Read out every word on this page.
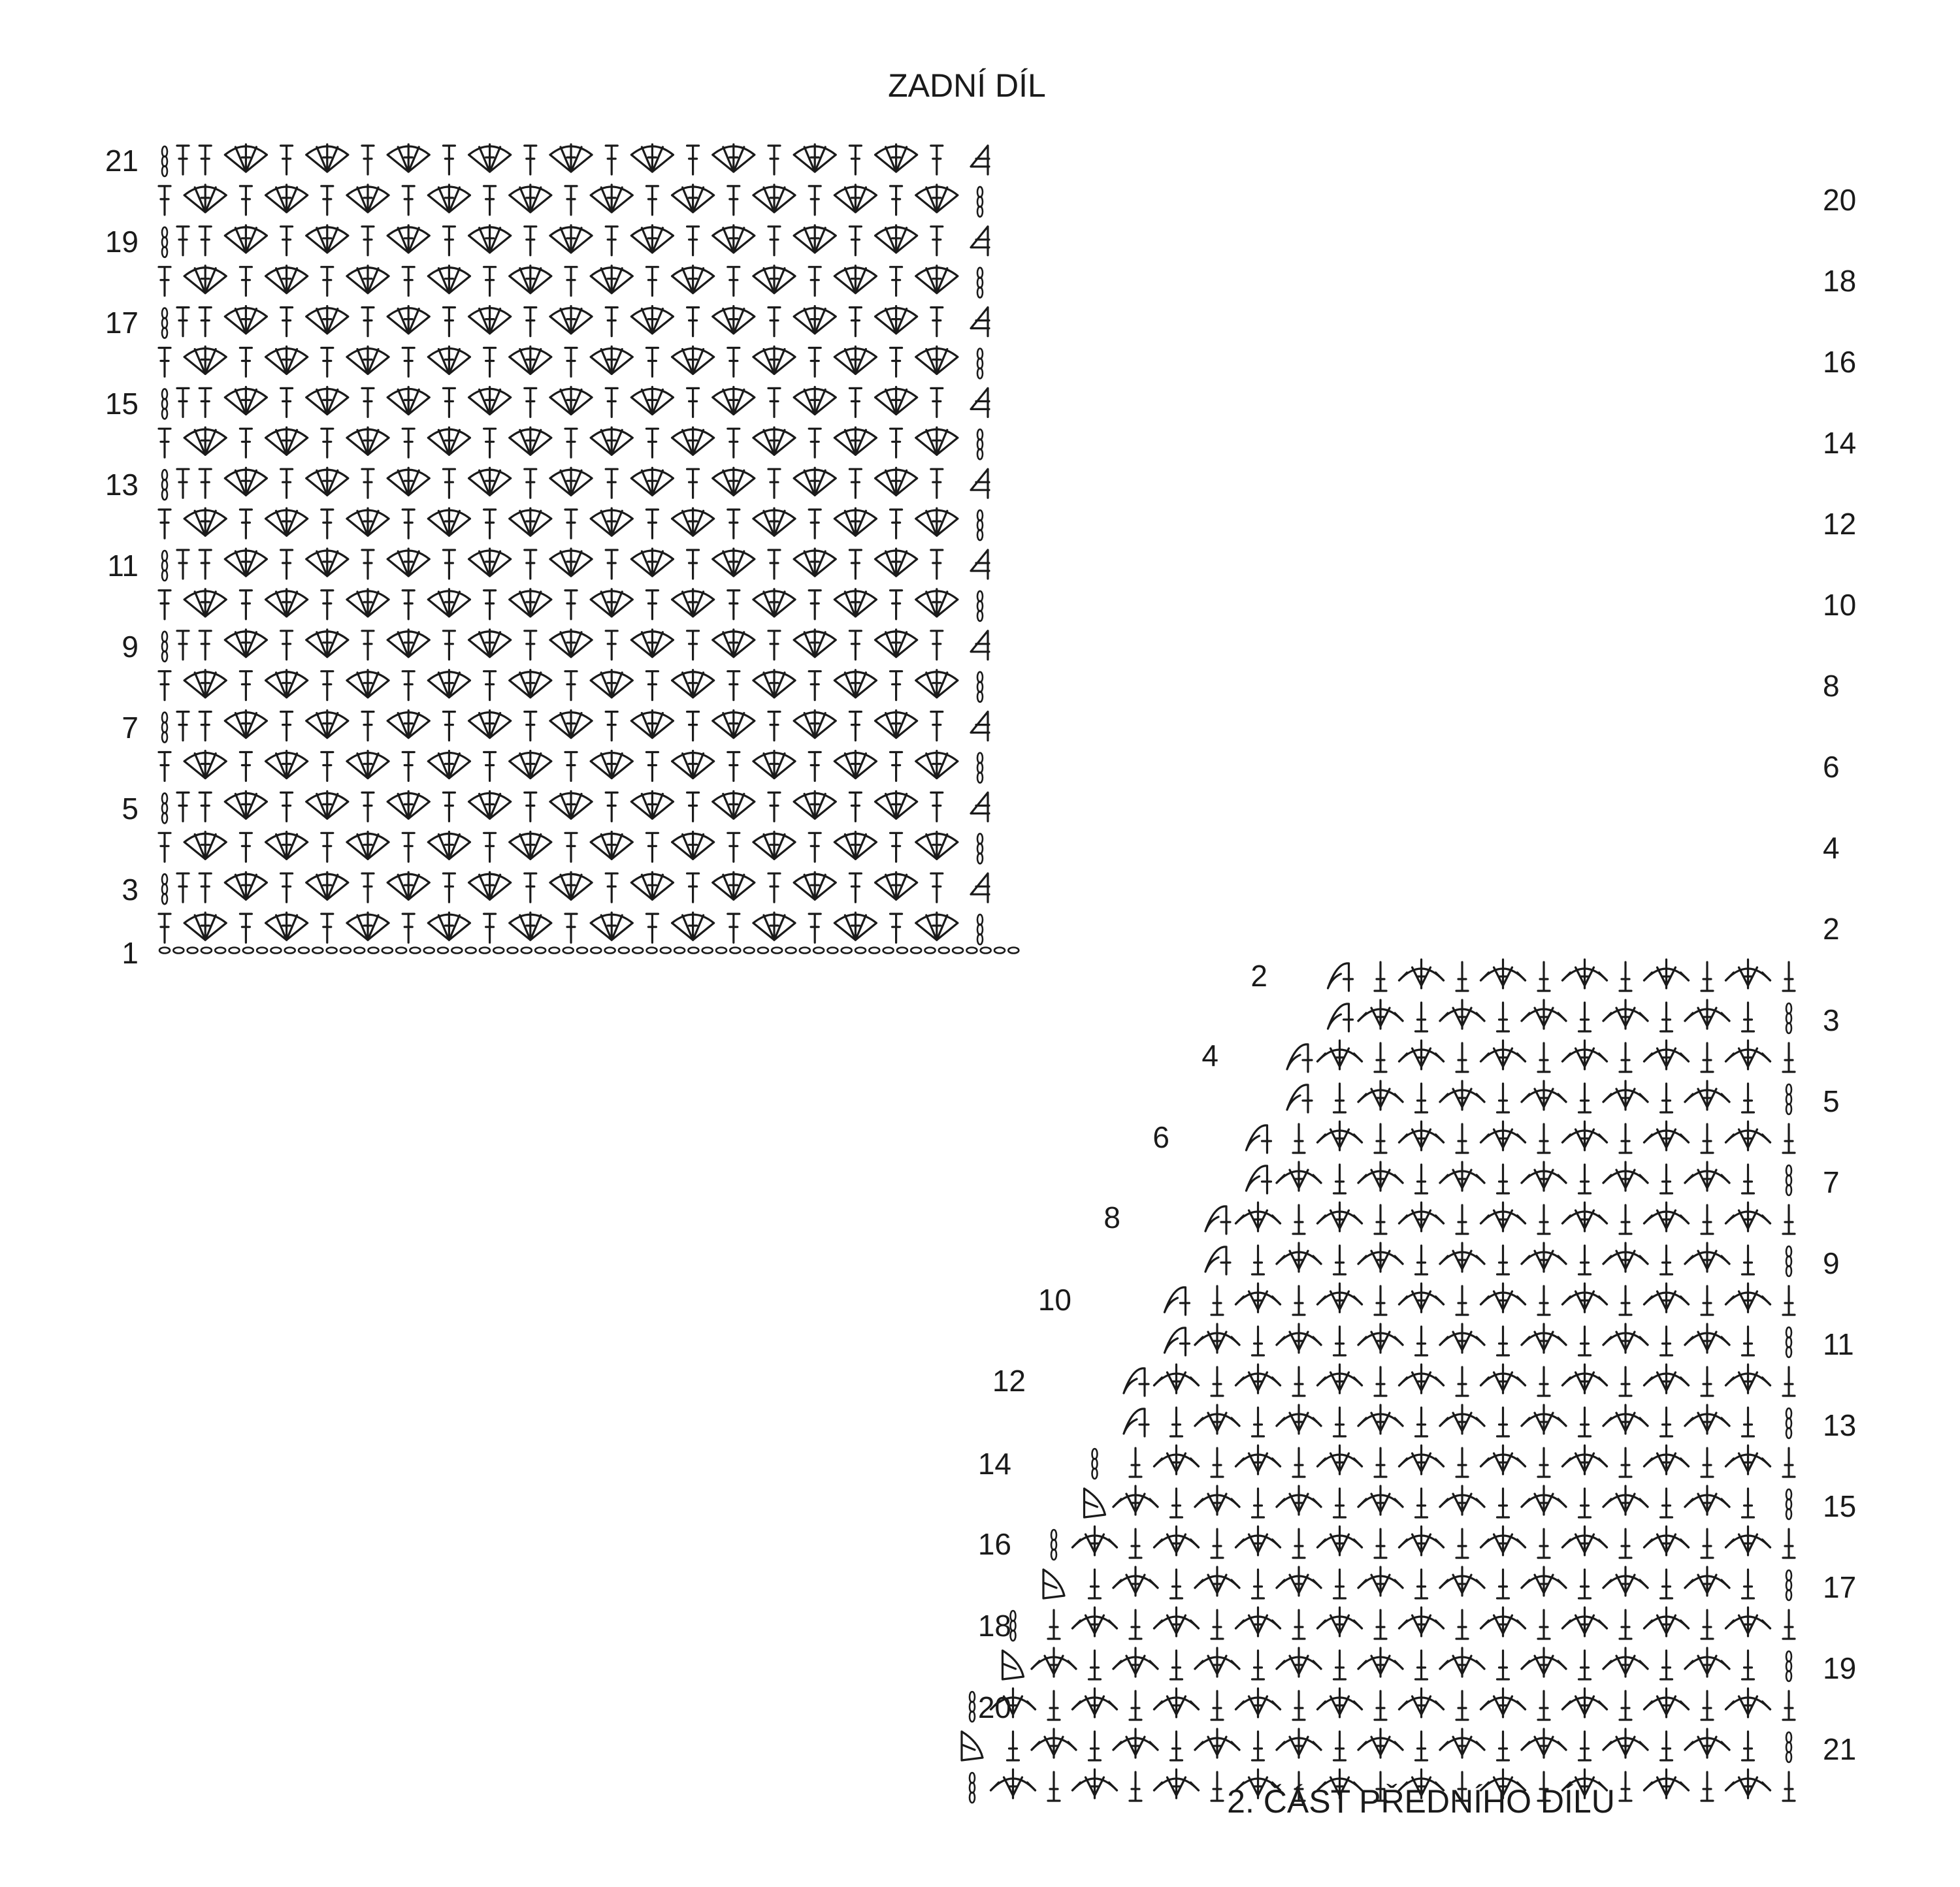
21
19
17
15
13
11
9
7
5
3
1
20
18
16
14
12
10
8
6
4
2
3
5
7
9
11
13
15
17
19
21
2
4
6
8
10
12
14
16
18
20
ZADNÍ DÍL
2. ČÁST PŘEDNÍHO DÍLU
